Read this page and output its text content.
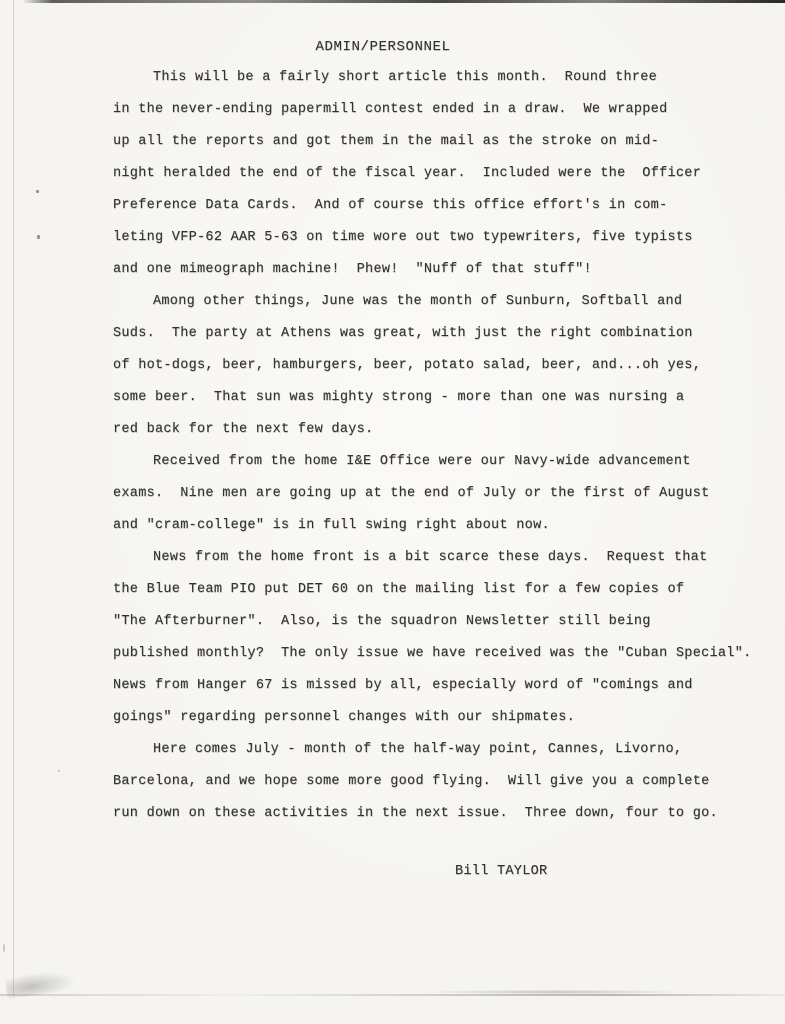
ADMIN/PERSONNEL
This will be a fairly short article this month.  Round three
in the never-ending papermill contest ended in a draw.  We wrapped
up all the reports and got them in the mail as the stroke on mid-
night heralded the end of the fiscal year.  Included were the  Officer
Preference Data Cards.  And of course this office effort's in com-
leting VFP-62 AAR 5-63 on time wore out two typewriters, five typists
and one mimeograph machine!  Phew!  "Nuff of that stuff"!
Among other things, June was the month of Sunburn, Softball and
Suds.  The party at Athens was great, with just the right combination
of hot-dogs, beer, hamburgers, beer, potato salad, beer, and...oh yes,
some beer.  That sun was mighty strong - more than one was nursing a
red back for the next few days.
Received from the home I&E Office were our Navy-wide advancement
exams.  Nine men are going up at the end of July or the first of August
and "cram-college" is in full swing right about now.
News from the home front is a bit scarce these days.  Request that
the Blue Team PIO put DET 60 on the mailing list for a few copies of
"The Afterburner".  Also, is the squadron Newsletter still being
published monthly?  The only issue we have received was the "Cuban Special".
News from Hanger 67 is missed by all, especially word of "comings and
goings" regarding personnel changes with our shipmates.
Here comes July - month of the half-way point, Cannes, Livorno,
Barcelona, and we hope some more good flying.  Will give you a complete
run down on these activities in the next issue.  Three down, four to go.
Bill TAYLOR
